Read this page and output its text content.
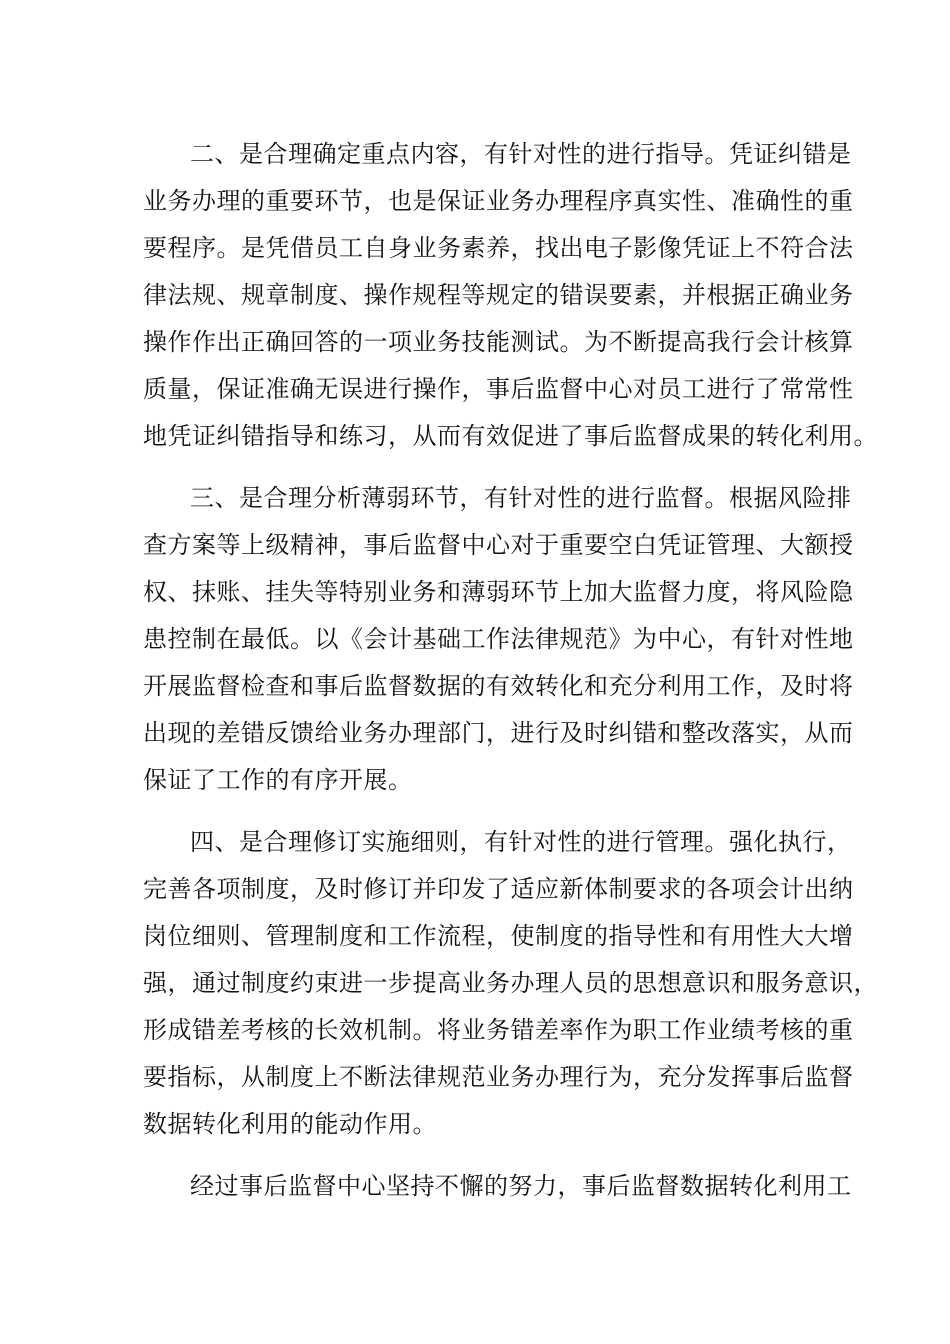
二、是合理确定重点内容，有针对性的进行指导。凭证纠错是
业务办理的重要环节，也是保证业务办理程序真实性、准确性的重
要程序。是凭借员工自身业务素养，找出电子影像凭证上不符合法
律法规、规章制度、操作规程等规定的错误要素，并根据正确业务
操作作出正确回答的一项业务技能测试。为不断提高我行会计核算
质量，保证准确无误进行操作，事后监督中心对员工进行了常常性
地凭证纠错指导和练习，从而有效促进了事后监督成果的转化利用。
三、是合理分析薄弱环节，有针对性的进行监督。根据风险排
查方案等上级精神，事后监督中心对于重要空白凭证管理、大额授
权、抹账、挂失等特别业务和薄弱环节上加大监督力度，将风险隐
患控制在最低。以《会计基础工作法律规范》为中心，有针对性地
开展监督检查和事后监督数据的有效转化和充分利用工作，及时将
出现的差错反馈给业务办理部门，进行及时纠错和整改落实，从而
保证了工作的有序开展。
四、是合理修订实施细则，有针对性的进行管理。强化执行，
完善各项制度，及时修订并印发了适应新体制要求的各项会计出纳
岗位细则、管理制度和工作流程，使制度的指导性和有用性大大增
强，通过制度约束进一步提高业务办理人员的思想意识和服务意识，
形成错差考核的长效机制。将业务错差率作为职工作业绩考核的重
要指标，从制度上不断法律规范业务办理行为，充分发挥事后监督
数据转化利用的能动作用。
经过事后监督中心坚持不懈的努力，事后监督数据转化利用工
